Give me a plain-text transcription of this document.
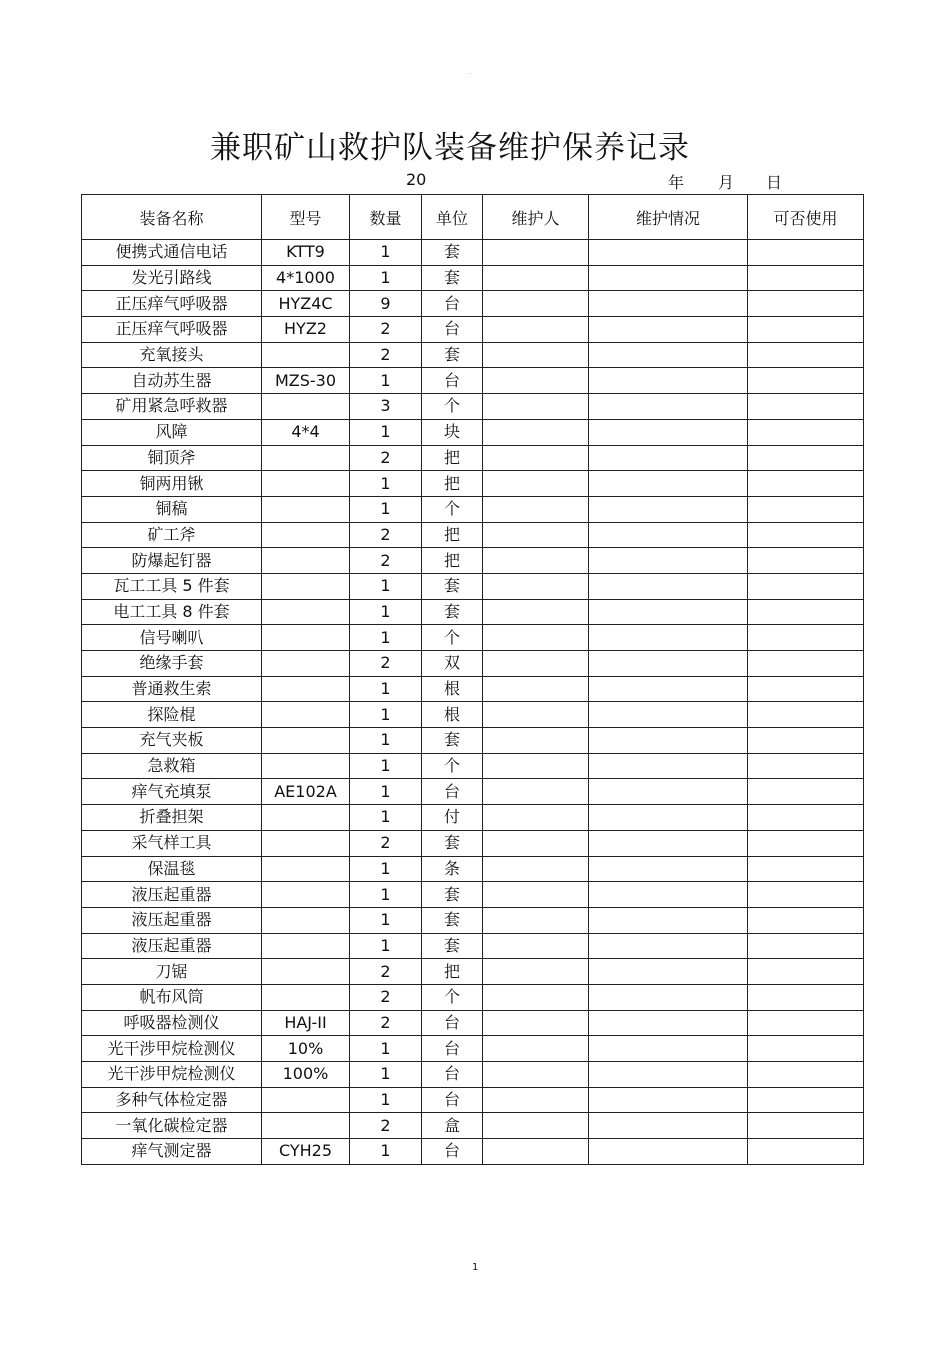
·
兼职矿山救护队装备维护保养记录
20	年 月 日
装备名称	型号	数量	单位	维护人	维护情况	可否使用
便携式通信电话	KTT9	1	套			
发光引路线	4*1000	1	套			
正压痒气呼吸器	HYZ4C	9	台			
正压痒气呼吸器	HYZ2	2	台			
充氧接头		2	套			
自动苏生器	MZS-30	1	台			
矿用紧急呼救器		3	个			
风障	4*4	1	块			
铜顶斧		2	把			
铜两用锹		1	把			
铜稿		1	个			
矿工斧		2	把			
防爆起钉器		2	把			
瓦工工具 5 件套		1	套			
电工工具 8 件套		1	套			
信号喇叭		1	个			
绝缘手套		2	双			
普通救生索		1	根			
探险棍		1	根			
充气夹板		1	套			
急救箱		1	个			
痒气充填泵	AE102A	1	台			
折叠担架		1	付			
采气样工具		2	套			
保温毯		1	条			
液压起重器		1	套			
液压起重器		1	套			
液压起重器		1	套			
刀锯		2	把			
帆布风筒		2	个			
呼吸器检测仪	HAJ-II	2	台			
光干涉甲烷检测仪	10%	1	台			
光干涉甲烷检测仪	100%	1	台			
多种气体检定器		1	台			
一氧化碳检定器		2	盒			
痒气测定器	CYH25	1	台			
1
